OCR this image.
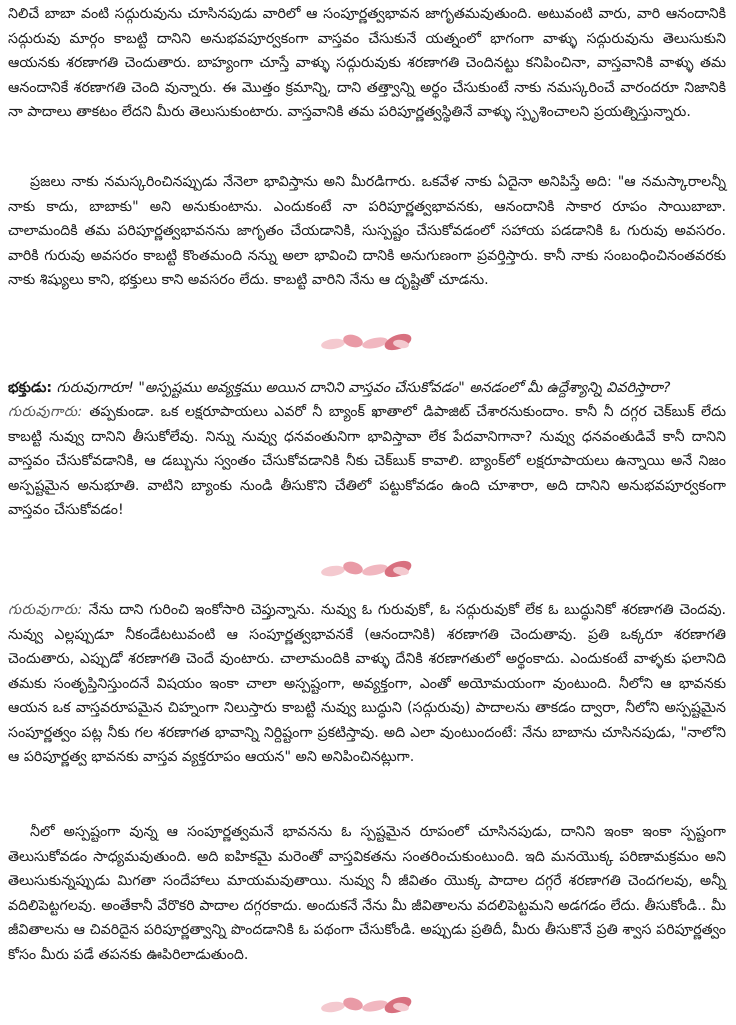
నిలిచే బాబా వంటి సద్గురువును చూసినపుడు వారిలో ఆ సంపూర్ణత్వభావన జాగృతమవుతుంది. అటువంటి వారు, వారి ఆనందానికి సద్గురువు మార్గం కాబట్టి దానిని అనుభవపూర్వకంగా వాస్తవం చేసుకునే యత్నంలో భాగంగా వాళ్ళు సద్గురువును తెలుసుకుని ఆయనకు శరణాగతి చెందుతారు. బాహ్యంగా చూస్తే వాళ్ళు సద్గురువుకు శరణాగతి చెందినట్టు కనిపించినా, వాస్తవానికి వాళ్ళు తమ ఆనందానికే శరణాగతి చెంది వున్నారు. ఈ మొత్తం క్రమాన్ని, దాని తత్త్వాన్ని అర్థం చేసుకుంటే నాకు నమస్కరించే వారందరూ నిజానికి నా పాదాలు తాకటం లేదని మీరు తెలుసుకుంటారు. వాస్తవానికి తమ పరిపూర్ణత్వస్థితినే వాళ్ళు స్పృశించాలని ప్రయత్నిస్తున్నారు.

ప్రజలు నాకు నమస్కరించినప్పుడు నేనెలా భావిస్తాను అని మీరడిగారు. ఒకవేళ నాకు ఏదైనా అనిపిస్తే అది: "ఆ నమస్కారాలన్నీ నాకు కాదు, బాబాకు" అని అనుకుంటాను. ఎందుకంటే నా పరిపూర్ణత్వభావనకు, ఆనందానికి సాకార రూపం సాయిబాబా. చాలామందికి తమ పరిపూర్ణత్వభావనను జాగృతం చేయడానికి, సుస్పష్టం చేసుకోవడంలో సహాయ పడడానికి ఓ గురువు అవసరం. వారికి గురువు అవసరం కాబట్టి కొంతమంది నన్ను అలా భావించి దానికి అనుగుణంగా ప్రవర్తిస్తారు. కానీ నాకు సంబంధించినంతవరకు నాకు శిష్యులు కాని, భక్తులు కాని అవసరం లేదు. కాబట్టి వారిని నేను ఆ దృష్టితో చూడను.

భక్తుడు: గురువుగారూ! "అస్పష్టము అవ్యక్తము అయిన దానిని వాస్తవం చేసుకోవడం" అనడంలో మీ ఉద్దేశ్యాన్ని వివరిస్తారా?

గురువుగారు: తప్పకుండా. ఒక లక్షరూపాయలు ఎవరో నీ బ్యాంక్ ఖాతాలో డిపాజిట్ చేశారనుకుందాం. కానీ నీ దగ్గర చెక్‌బుక్ లేదు కాబట్టి నువ్వు దానిని తీసుకోలేవు. నిన్ను నువ్వు ధనవంతునిగా భావిస్తావా లేక పేదవానిగానా? నువ్వు ధనవంతుడివే కానీ దానిని వాస్తవం చేసుకోవడానికి, ఆ డబ్బును స్వంతం చేసుకోవడానికి నీకు చెక్‌బుక్ కావాలి. బ్యాంక్‌లో లక్షరూపాయలు ఉన్నాయి అనే నిజం అస్పష్టమైన అనుభూతి. వాటిని బ్యాంకు నుండి తీసుకొని చేతిలో పట్టుకోవడం ఉంది చూశారా, అది దానిని అనుభవపూర్వకంగా వాస్తవం చేసుకోవడం!

గురువుగారు: నేను దాని గురించి ఇంకోసారి చెప్తున్నాను. నువ్వు ఓ గురువుకో, ఓ సద్గురువుకో లేక ఓ బుద్ధునికో శరణాగతి చెందవు. నువ్వు ఎల్లప్పుడూ నీకండేటటువంటి ఆ సంపూర్ణత్వభావనకే (ఆనందానికి) శరణాగతి చెందుతావు. ప్రతి ఒక్కరూ శరణాగతి చెందుతారు, ఎప్పుడో శరణాగతి చెందే వుంటారు. చాలామందికి వాళ్ళు దేనికి శరణాగతులో అర్థంకాదు. ఎందుకంటే వాళ్ళకు ఫలానిది తమకు సంతృప్తినిస్తుందనే విషయం ఇంకా చాలా అస్పష్టంగా, అవ్యక్తంగా, ఎంతో అయోమయంగా వుంటుంది. నీలోని ఆ భావనకు ఆయన ఒక వాస్తవరూపమైన చిహ్నంగా నిలుస్తారు కాబట్టి నువ్వు బుద్ధుని (సద్గురువు) పాదాలను తాకడం ద్వారా, నీలోని అస్పష్టమైన సంపూర్ణత్వం పట్ల నీకు గల శరణాగత భావాన్ని నిర్దిష్టంగా ప్రకటిస్తావు. అది ఎలా వుంటుందంటే: నేను బాబాను చూసినపుడు, "నాలోని ఆ పరిపూర్ణత్వ భావనకు వాస్తవ వ్యక్తరూపం ఆయన" అని అనిపించినట్లుగా.

నీలో అస్పష్టంగా వున్న ఆ సంపూర్ణత్వమనే భావనను ఓ స్పష్టమైన రూపంలో చూసినపుడు, దానిని ఇంకా ఇంకా స్పష్టంగా తెలుసుకోవడం సాధ్యమవుతుంది. అది ఐహికమై మరెంతో వాస్తవికతను సంతరించుకుంటుంది. ఇది మనయొక్క పరిణామక్రమం అని తెలుసుకున్నప్పుడు మిగతా సందేహాలు మాయమవుతాయి. నువ్వు నీ జీవితం యొక్క పాదాల దగ్గరే శరణాగతి చెందగలవు, అన్నీ వదిలిపెట్టగలవు. అంతేకానీ వేరొకరి పాదాల దగ్గరకాదు. అందుకనే నేను మీ జీవితాలను వదలిపెట్టమని అడగడం లేదు. తీసుకోండి.. మీ జీవితాలను ఆ చివరిదైన పరిపూర్ణత్వాన్ని పొందడానికి ఓ పథంగా చేసుకోండి. అప్పుడు ప్రతిదీ, మీరు తీసుకొనే ప్రతి శ్వాస పరిపూర్ణత్వం కోసం మీరు పడే తపనకు ఊపిరిలాడుతుంది.
